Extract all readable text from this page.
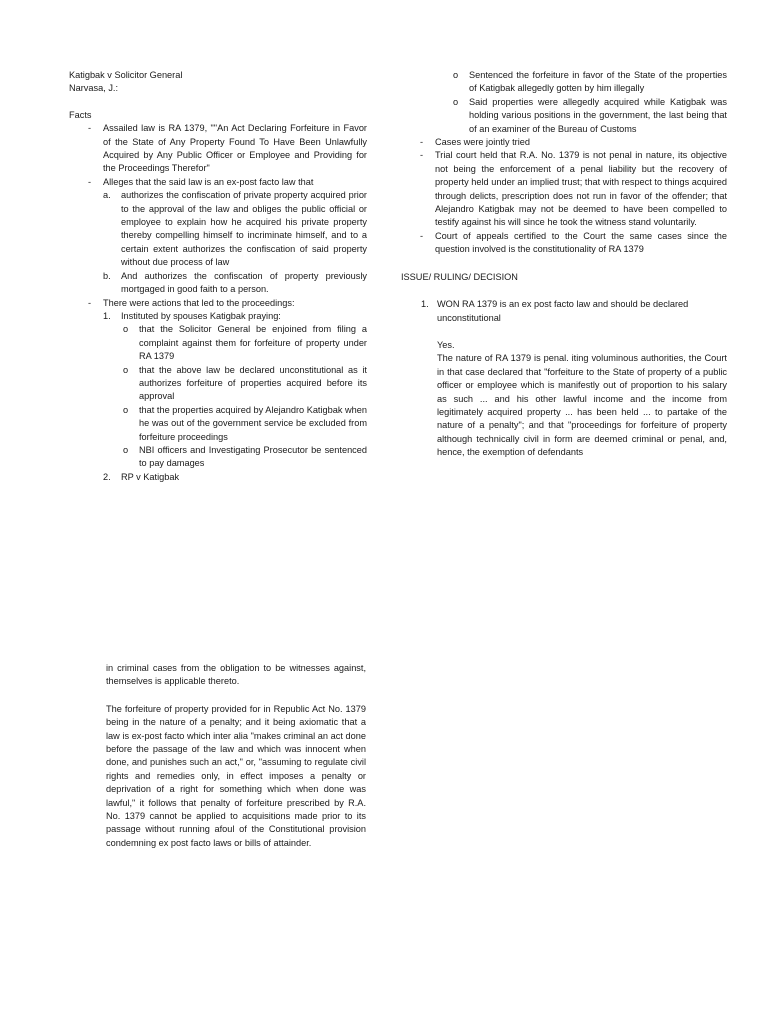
Katigbak v Solicitor General

Narvasa, J.:

Facts

- Assailed law is RA 1379, ""An Act Declaring Forfeiture in Favor of the State of Any Property Found To Have Been Unlawfully Acquired by Any Public Officer or Employee and Providing for the Proceedings Therefor"
- Alleges that the said law is an ex-post facto law that
a. authorizes the confiscation of private property acquired prior to the approval of the law and obliges the public official or employee to explain how he acquired his private property thereby compelling himself to incriminate himself, and to a certain extent authorizes the confiscation of said property without due process of law
b. And authorizes the confiscation of property previously mortgaged in good faith to a person.
- There were actions that led to the proceedings:
1. Instituted by spouses Katigbak praying:
o that the Solicitor General be enjoined from filing a complaint against them for forfeiture of property under RA 1379
o that the above law be declared unconstitutional as it authorizes forfeiture of properties acquired before its approval
o that the properties acquired by Alejandro Katigbak when he was out of the government service be excluded from forfeiture proceedings
o NBI officers and Investigating Prosecutor be sentenced to pay damages
2. RP v Katigbak
o Sentenced the forfeiture in favor of the State of the properties of Katigbak allegedly gotten by him illegally
o Said properties were allegedly acquired while Katigbak was holding various positions in the government, the last being that of an examiner of the Bureau of Customs
- Cases were jointly tried
- Trial court held that R.A. No. 1379 is not penal in nature, its objective not being the enforcement of a penal liability but the recovery of property held under an implied trust; that with respect to things acquired through delicts, prescription does not run in favor of the offender; that Alejandro Katigbak may not be deemed to have been compelled to testify against his will since he took the witness stand voluntarily.
- Court of appeals certified to the Court the same cases since the question involved is the constitutionality of RA 1379

ISSUE/ RULING/ DECISION

1. WON RA 1379 is an ex post facto law and should be declared unconstitutional

Yes.

The nature of RA 1379 is penal. iting voluminous authorities, the Court in that case declared that "forfeiture to the State of property of a public officer or employee which is manifestly out of proportion to his salary as such ... and his other lawful income and the income from legitimately acquired property ... has been held ... to partake of the nature of a penalty"; and that "proceedings for forfeiture of property although technically civil in form are deemed criminal or penal, and, hence, the exemption of defendants

in criminal cases from the obligation to be witnesses against, themselves is applicable thereto.

The forfeiture of property provided for in Republic Act No. 1379 being in the nature of a penalty; and it being axiomatic that a law is ex-post facto which inter alia "makes criminal an act done before the passage of the law and which was innocent when done, and punishes such an act," or, "assuming to regulate civil rights and remedies only, in effect imposes a penalty or deprivation of a right for something which when done was lawful," it follows that penalty of forfeiture prescribed by R.A. No. 1379 cannot be applied to acquisitions made prior to its passage without running afoul of the Constitutional provision condemning ex post facto laws or bills of attainder.
